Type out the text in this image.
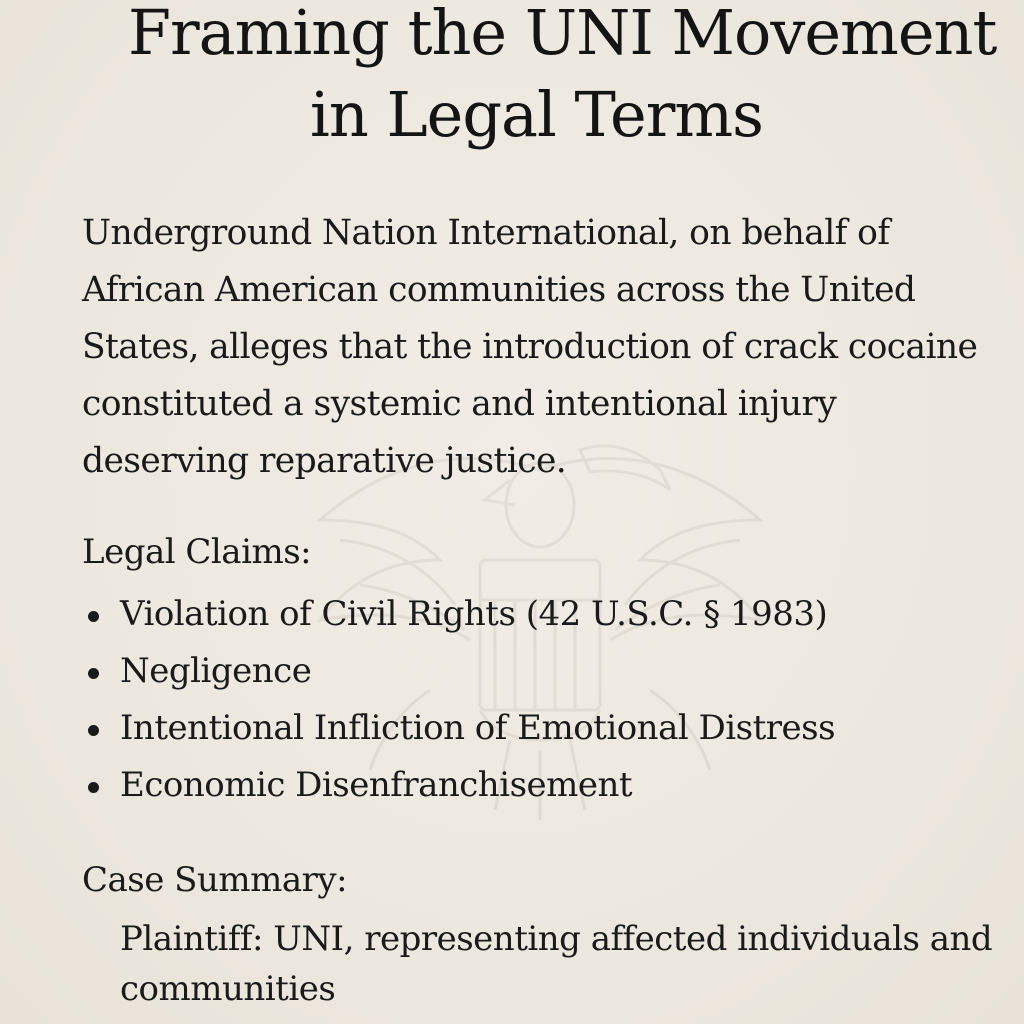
Framing the UNI Movement
in Legal Terms

Underground Nation International, on behalf of African American communities across the United States, alleges that the introduction of crack cocaine constituted a systemic and intentional injury deserving reparative justice.

Legal Claims:
Violation of Civil Rights (42 U.S.C. § 1983)
Negligence
Intentional Infliction of Emotional Distress
Economic Disenfranchisement
Case Summary:

Plaintiff: UNI, representing affected individuals and communities
